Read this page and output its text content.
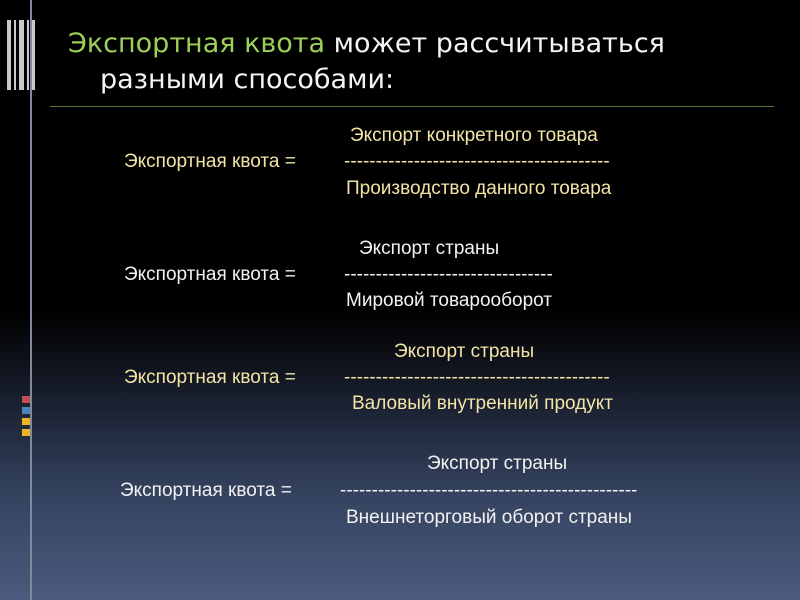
Экспортная квота может рассчитываться
разными способами:
Экспорт конкретного товара
Экспортная квота =	------------------------------------------
Производство данного товара
Экспорт страны
Экспортная квота =	---------------------------------
Мировой товарооборот
Экспорт страны
Экспортная квота =	------------------------------------------
Валовый внутренний продукт
Экспорт страны
Экспортная квота =	-----------------------------------------------
Внешнеторговый оборот страны
